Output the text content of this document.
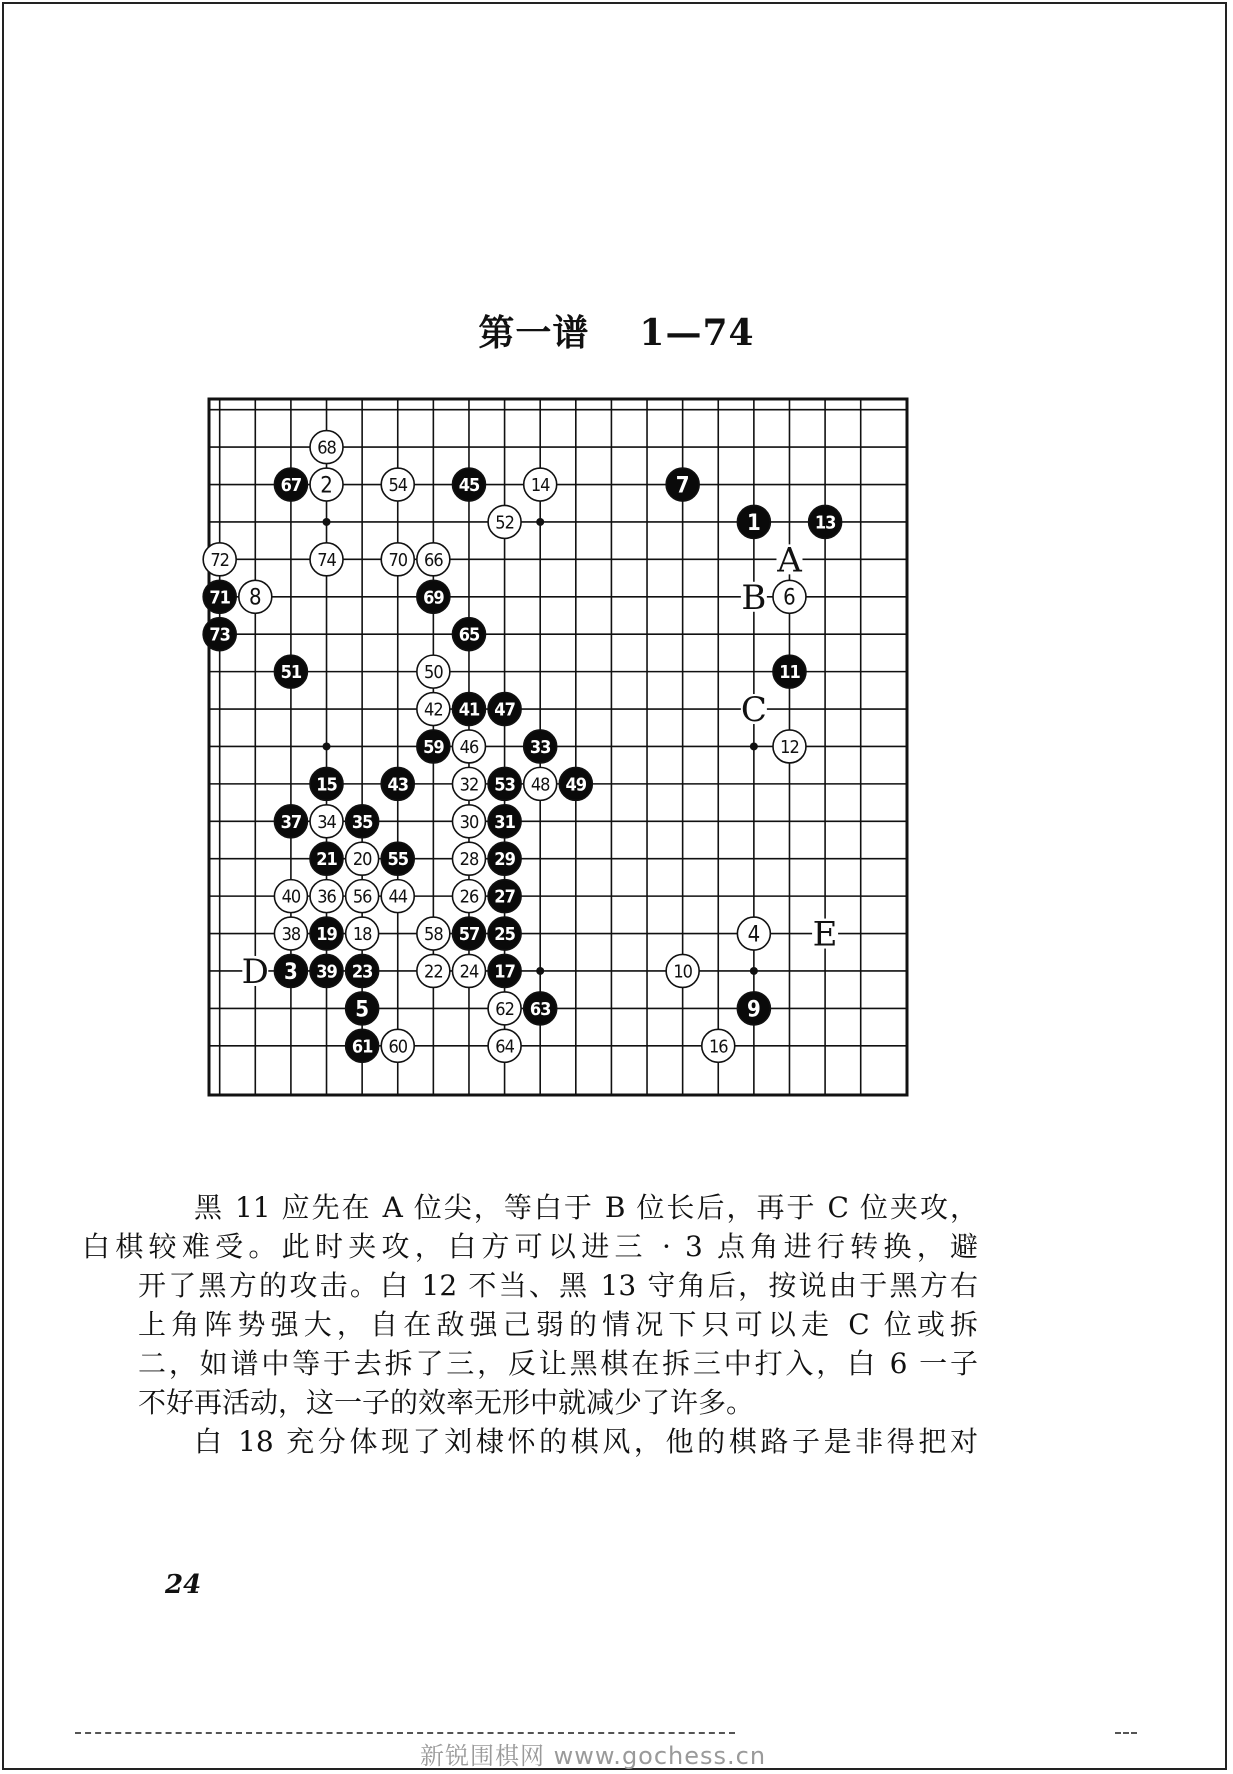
第一谱 1—74
A
B
C
D
E
68
67 2	54	45	14	7
52	1	13
72	74	70 66
71 8	69	6
73	65
51	50	11
42 41 47
59 46	33	12
15	43	32 53 48 49
37 34 35	30 31
21 20 55	28 29
40 36 56 44	26 27
38 19 18	58 57 25	4
3 39 23	22 24 17	10
5	62 63	9
61 60	64	16

黑 11 应先在 A 位尖，等白于 B 位长后，再于 C 位夹攻，
白棋较难受。此时夹攻，白方可以进三 · 3 点角进行转换，避
开了黑方的攻击。白 12 不当、黑 13 守角后，按说由于黑方右
上角阵势强大，自在敌强己弱的情况下只可以走 C 位或拆
二，如谱中等于去拆了三，反让黑棋在拆三中打入，白 6 一子
不好再活动，这一子的效率无形中就减少了许多。

白 18 充分体现了刘棣怀的棋风，他的棋路子是非得把对

24
新锐围棋网 www.gochess.cn
